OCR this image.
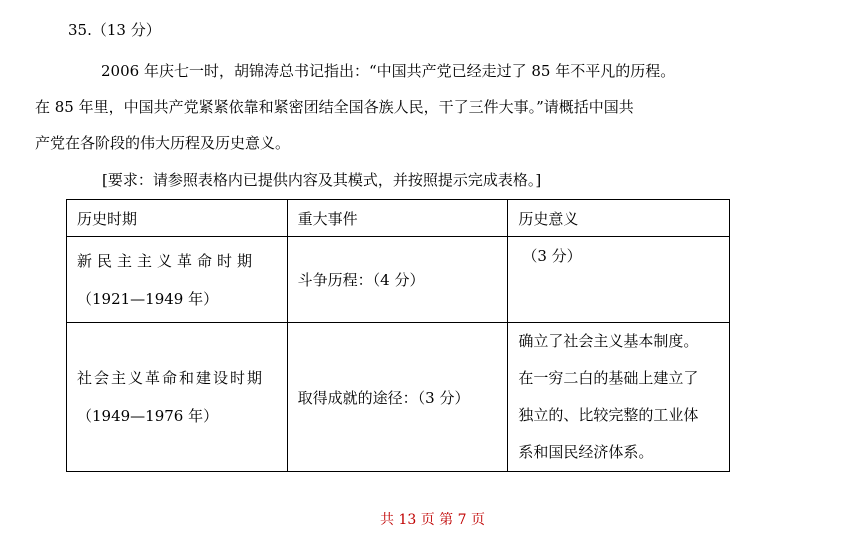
35.（13 分）
2006 年庆七一时，胡锦涛总书记指出：“中国共产党已经走过了 85 年不平凡的历程。
在 85 年里，中国共产党紧紧依靠和紧密团结全国各族人民，干了三件大事。”请概括中国共
产党在各阶段的伟大历程及历史意义。
[要求：请参照表格内已提供内容及其模式，并按照提示完成表格。]
历史时期	重大事件	历史意义

新民主主义革命时期
（1921—1949 年）	斗争历程：（4 分）	（3 分）

社会主义革命和建设时期
（1949—1976 年）	取得成就的途径：（3 分）	确立了社会主义基本制度。
在一穷二白的基础上建立了
独立的、比较完整的工业体
系和国民经济体系。
共 13 页 第 7 页
